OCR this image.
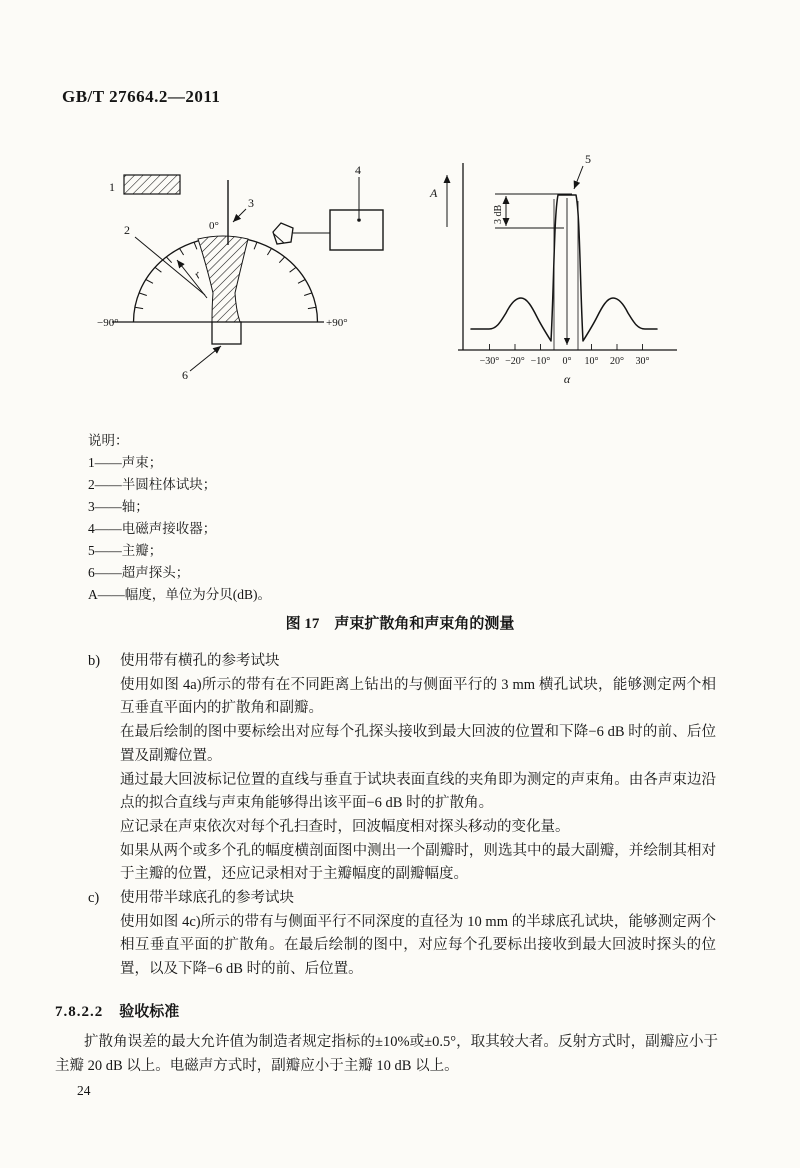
GB/T 27664.2—2011
1
0°
3
2
r
−90°	+90°
6
4
A
3 dB
5
−30° −20° −10° 0° 10° 20° 30°
α
说明：
1——声束；
2——半圆柱体试块；
3——轴；
4——电磁声接收器；
5——主瓣；
6——超声探头；
A——幅度，单位为分贝(dB)。
图 17　声束扩散角和声束角的测量
b) 使用带有横孔的参考试块

使用如图 4a)所示的带有在不同距离上钻出的与侧面平行的 3 mm 横孔试块，能够测定两个相互垂直平面内的扩散角和副瓣。

在最后绘制的图中要标绘出对应每个孔探头接收到最大回波的位置和下降−6 dB 时的前、后位置及副瓣位置。

通过最大回波标记位置的直线与垂直于试块表面直线的夹角即为测定的声束角。由各声束边沿点的拟合直线与声束角能够得出该平面−6 dB 时的扩散角。

应记录在声束依次对每个孔扫查时，回波幅度相对探头移动的变化量。

如果从两个或多个孔的幅度横剖面图中测出一个副瓣时，则选其中的最大副瓣，并绘制其相对于主瓣的位置，还应记录相对于主瓣幅度的副瓣幅度。

c) 使用带半球底孔的参考试块

使用如图 4c)所示的带有与侧面平行不同深度的直径为 10 mm 的半球底孔试块，能够测定两个相互垂直平面的扩散角。在最后绘制的图中，对应每个孔要标出接收到最大回波时探头的位置，以及下降−6 dB 时的前、后位置。

7.8.2.2 验收标准
扩散角误差的最大允许值为制造者规定指标的±10%或±0.5°，取其较大者。反射方式时，副瓣应小于主瓣 20 dB 以上。电磁声方式时，副瓣应小于主瓣 10 dB 以上。
24
